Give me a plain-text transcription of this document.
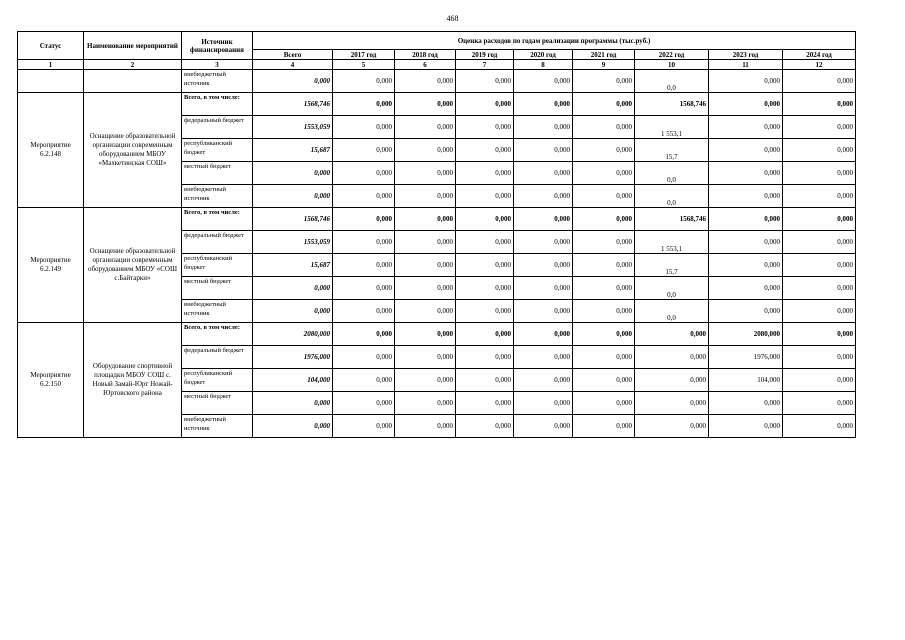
468
Статус	Наименование мероприятий	Источник финансирования	Оценка расходов по годам реализации программы (тыс.руб.)								
			Всего	2017 год	2018 год	2019 год	2020 год	2021 год	2022 год	2023 год	2024 год
1	2	3	4	5	6	7	8	9	10	11	12
		внебюджетный источник	0,000	0,000	0,000	0,000	0,000	0,000	0,0	0,000	0,000
Мероприятие 6.2.148	Оснащение образовательной организации современным оборудованием МБОУ «Махкетинская СОШ»	Всего, в том числе:	1568,746	0,000	0,000	0,000	0,000	0,000	1568,746	0,000	0,000
		федеральный бюджет	1553,059	0,000	0,000	0,000	0,000	0,000	1 553,1	0,000	0,000
		республиканский бюджет	15,687	0,000	0,000	0,000	0,000	0,000	15,7	0,000	0,000
		местный бюджет	0,000	0,000	0,000	0,000	0,000	0,000	0,0	0,000	0,000
		внебюджетный источник	0,000	0,000	0,000	0,000	0,000	0,000	0,0	0,000	0,000
Мероприятие 6.2.149	Оснащение образовательной организации современным оборудованием МБОУ «СОШ с.Байтарки»	Всего, в том числе:	1568,746	0,000	0,000	0,000	0,000	0,000	1568,746	0,000	0,000
		федеральный бюджет	1553,059	0,000	0,000	0,000	0,000	0,000	1 553,1	0,000	0,000
		республиканский бюджет	15,687	0,000	0,000	0,000	0,000	0,000	15,7	0,000	0,000
		местный бюджет	0,000	0,000	0,000	0,000	0,000	0,000	0,0	0,000	0,000
		внебюджетный источник	0,000	0,000	0,000	0,000	0,000	0,000	0,0	0,000	0,000
Мероприятие 6.2.150	Оборудование спортивной площадки МБОУ СОШ с. Новый Замай-Юрт Ножай-Юртовского района	Всего, в том числе:	2080,000	0,000	0,000	0,000	0,000	0,000	0,000	2080,000	0,000
		федеральный бюджет	1976,000	0,000	0,000	0,000	0,000	0,000	0,000	1976,000	0,000
		республиканский бюджет	104,000	0,000	0,000	0,000	0,000	0,000	0,000	104,000	0,000
		местный бюджет	0,000	0,000	0,000	0,000	0,000	0,000	0,000	0,000	0,000
		внебюджетный источник	0,000	0,000	0,000	0,000	0,000	0,000	0,000	0,000	0,000
